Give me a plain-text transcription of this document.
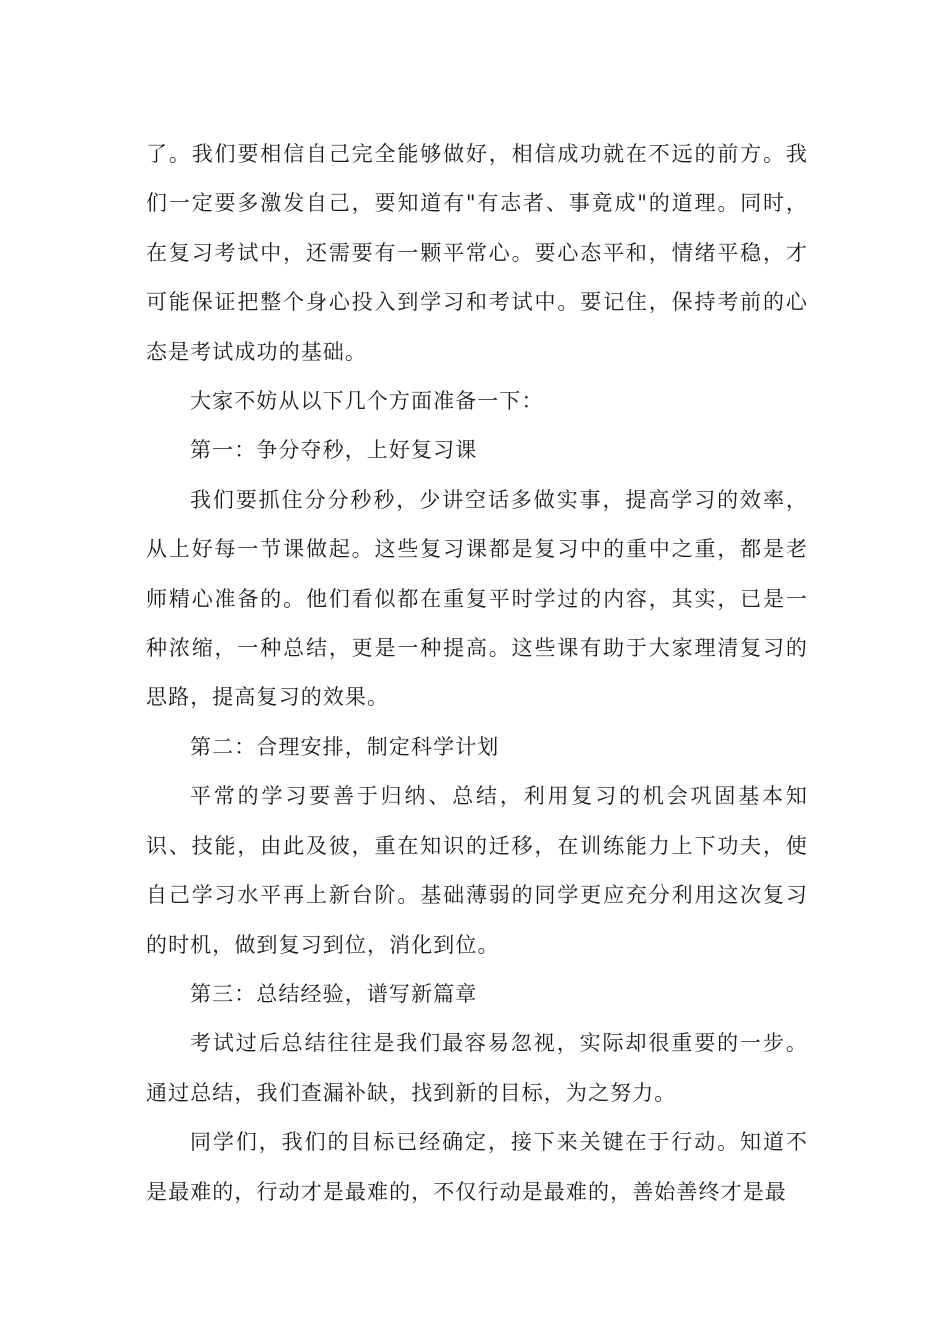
了。我们要相信自己完全能够做好，相信成功就在不远的前方。我们一定要多激发自己，要知道有"有志者、事竟成"的道理。同时，在复习考试中，还需要有一颗平常心。要心态平和，情绪平稳，才可能保证把整个身心投入到学习和考试中。要记住，保持考前的心态是考试成功的基础。

大家不妨从以下几个方面准备一下：

第一：争分夺秒，上好复习课

我们要抓住分分秒秒，少讲空话多做实事，提高学习的效率，从上好每一节课做起。这些复习课都是复习中的重中之重，都是老师精心准备的。他们看似都在重复平时学过的内容，其实，已是一种浓缩，一种总结，更是一种提高。这些课有助于大家理清复习的思路，提高复习的效果。

第二：合理安排，制定科学计划

平常的学习要善于归纳、总结，利用复习的机会巩固基本知识、技能，由此及彼，重在知识的迁移，在训练能力上下功夫，使自己学习水平再上新台阶。基础薄弱的同学更应充分利用这次复习的时机，做到复习到位，消化到位。

第三：总结经验，谱写新篇章

考试过后总结往往是我们最容易忽视，实际却很重要的一步。通过总结，我们查漏补缺，找到新的目标，为之努力。

同学们，我们的目标已经确定，接下来关键在于行动。知道不是最难的，行动才是最难的，不仅行动是最难的，善始善终才是最
